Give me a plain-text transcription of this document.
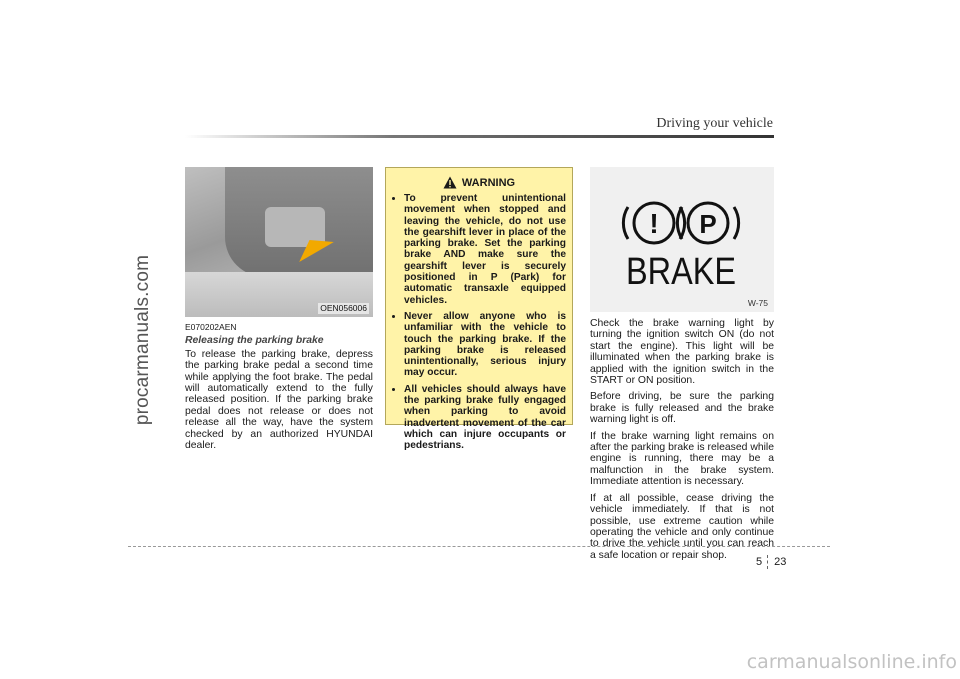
procarmanuals.com
Driving your vehicle
OEN056006
E070202AEN

Releasing the parking brake

To release the parking brake, depress the parking brake pedal a second time while applying the foot brake. The pedal will automatically extend to the fully released position. If the parking brake pedal does not release or does not release all the way, have the system checked by an authorized HYUNDAI dealer.

WARNING
• To prevent unintentional movement when stopped and leaving the vehicle, do not use the gearshift lever in place of the parking brake. Set the parking brake AND make sure the gearshift lever is securely positioned in P (Park) for automatic transaxle equipped vehicles.
• Never allow anyone who is unfamiliar with the vehicle to touch the parking brake. If the parking brake is released unintentionally, serious injury may occur.
• All vehicles should always have the parking brake fully engaged when parking to avoid inadvertent movement of the car which can injure occupants or pedestrians.
! P
BRAKE
W-75

Check the brake warning light by turning the ignition switch ON (do not start the engine). This light will be illuminated when the parking brake is applied with the ignition switch in the START or ON position.

Before driving, be sure the parking brake is fully released and the brake warning light is off.

If the brake warning light remains on after the parking brake is released while engine is running, there may be a malfunction in the brake system. Immediate attention is necessary.

If at all possible, cease driving the vehicle immediately. If that is not possible, use extreme caution while operating the vehicle and only continue to drive the vehicle until you can reach a safe location or repair shop.

5 23
carmanualsonline.info
